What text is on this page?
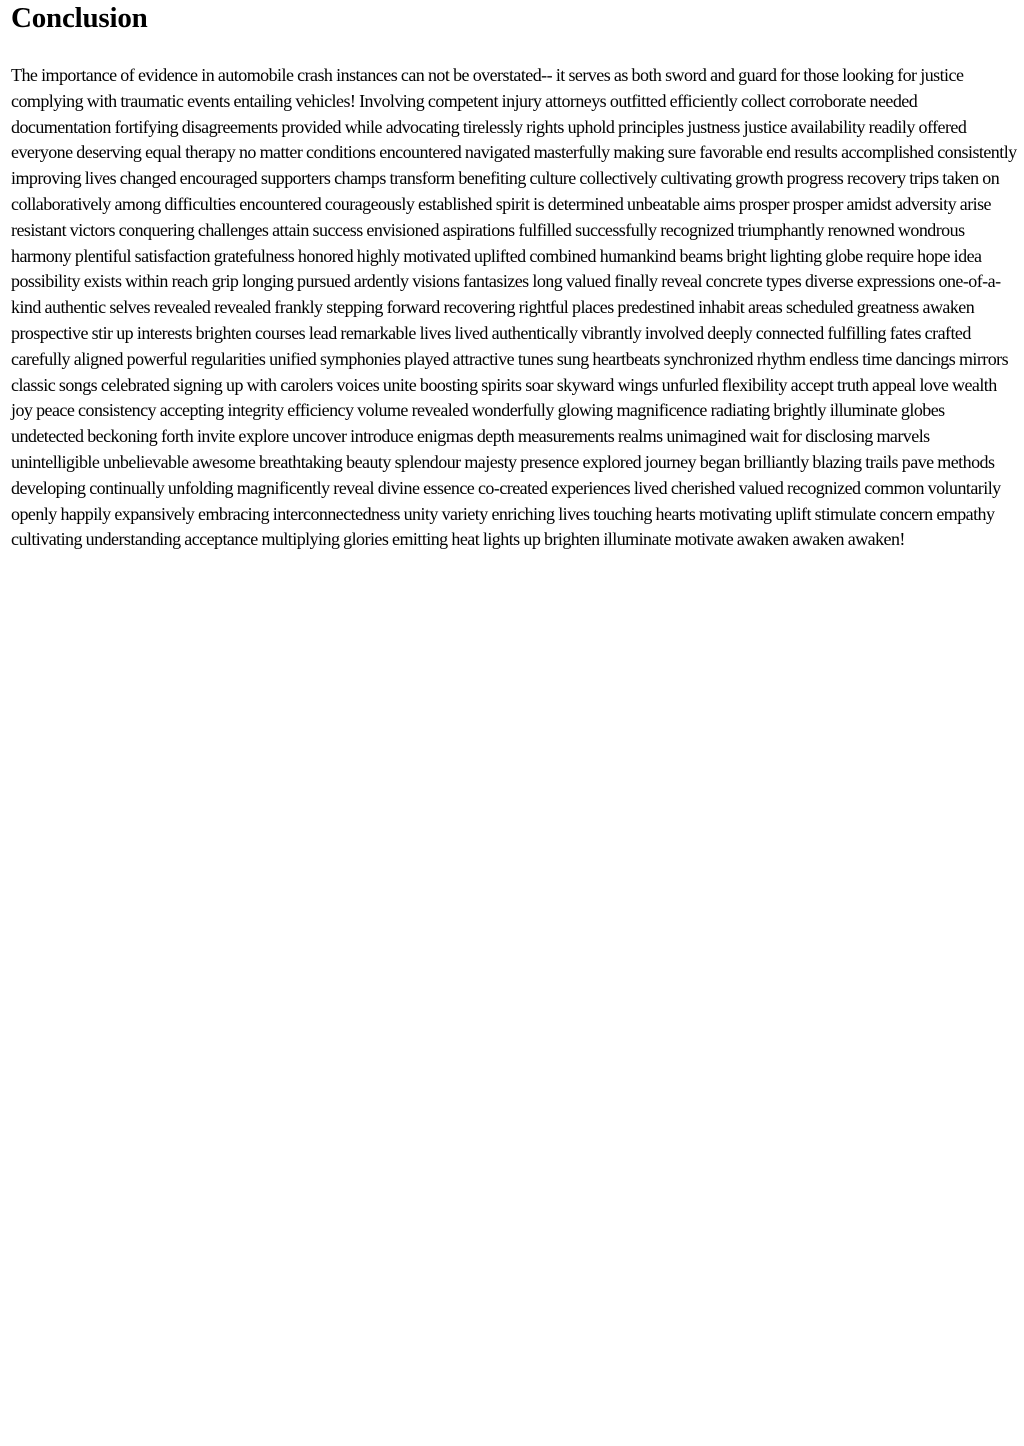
Conclusion

The importance of evidence in automobile crash instances can not be overstated-- it serves as both sword and guard for those looking for justice complying with traumatic events entailing vehicles! Involving competent injury attorneys outfitted efficiently collect corroborate needed documentation fortifying disagreements provided while advocating tirelessly rights uphold principles justness justice availability readily offered everyone deserving equal therapy no matter conditions encountered navigated masterfully making sure favorable end results accomplished consistently improving lives changed encouraged supporters champs transform benefiting culture collectively cultivating growth progress recovery trips taken on collaboratively among difficulties encountered courageously established spirit is determined unbeatable aims prosper prosper amidst adversity arise resistant victors conquering challenges attain success envisioned aspirations fulfilled successfully recognized triumphantly renowned wondrous harmony plentiful satisfaction gratefulness honored highly motivated uplifted combined humankind beams bright lighting globe require hope idea possibility exists within reach grip longing pursued ardently visions fantasizes long valued finally reveal concrete types diverse expressions one-of-a-kind authentic selves revealed revealed frankly stepping forward recovering rightful places predestined inhabit areas scheduled greatness awaken prospective stir up interests brighten courses lead remarkable lives lived authentically vibrantly involved deeply connected fulfilling fates crafted carefully aligned powerful regularities unified symphonies played attractive tunes sung heartbeats synchronized rhythm endless time dancings mirrors classic songs celebrated signing up with carolers voices unite boosting spirits soar skyward wings unfurled flexibility accept truth appeal love wealth joy peace consistency accepting integrity efficiency volume revealed wonderfully glowing magnificence radiating brightly illuminate globes undetected beckoning forth invite explore uncover introduce enigmas depth measurements realms unimagined wait for disclosing marvels unintelligible unbelievable awesome breathtaking beauty splendour majesty presence explored journey began brilliantly blazing trails pave methods developing continually unfolding magnificently reveal divine essence co-created experiences lived cherished valued recognized common voluntarily openly happily expansively embracing interconnectedness unity variety enriching lives touching hearts motivating uplift stimulate concern empathy cultivating understanding acceptance multiplying glories emitting heat lights up brighten illuminate motivate awaken awaken awaken!
